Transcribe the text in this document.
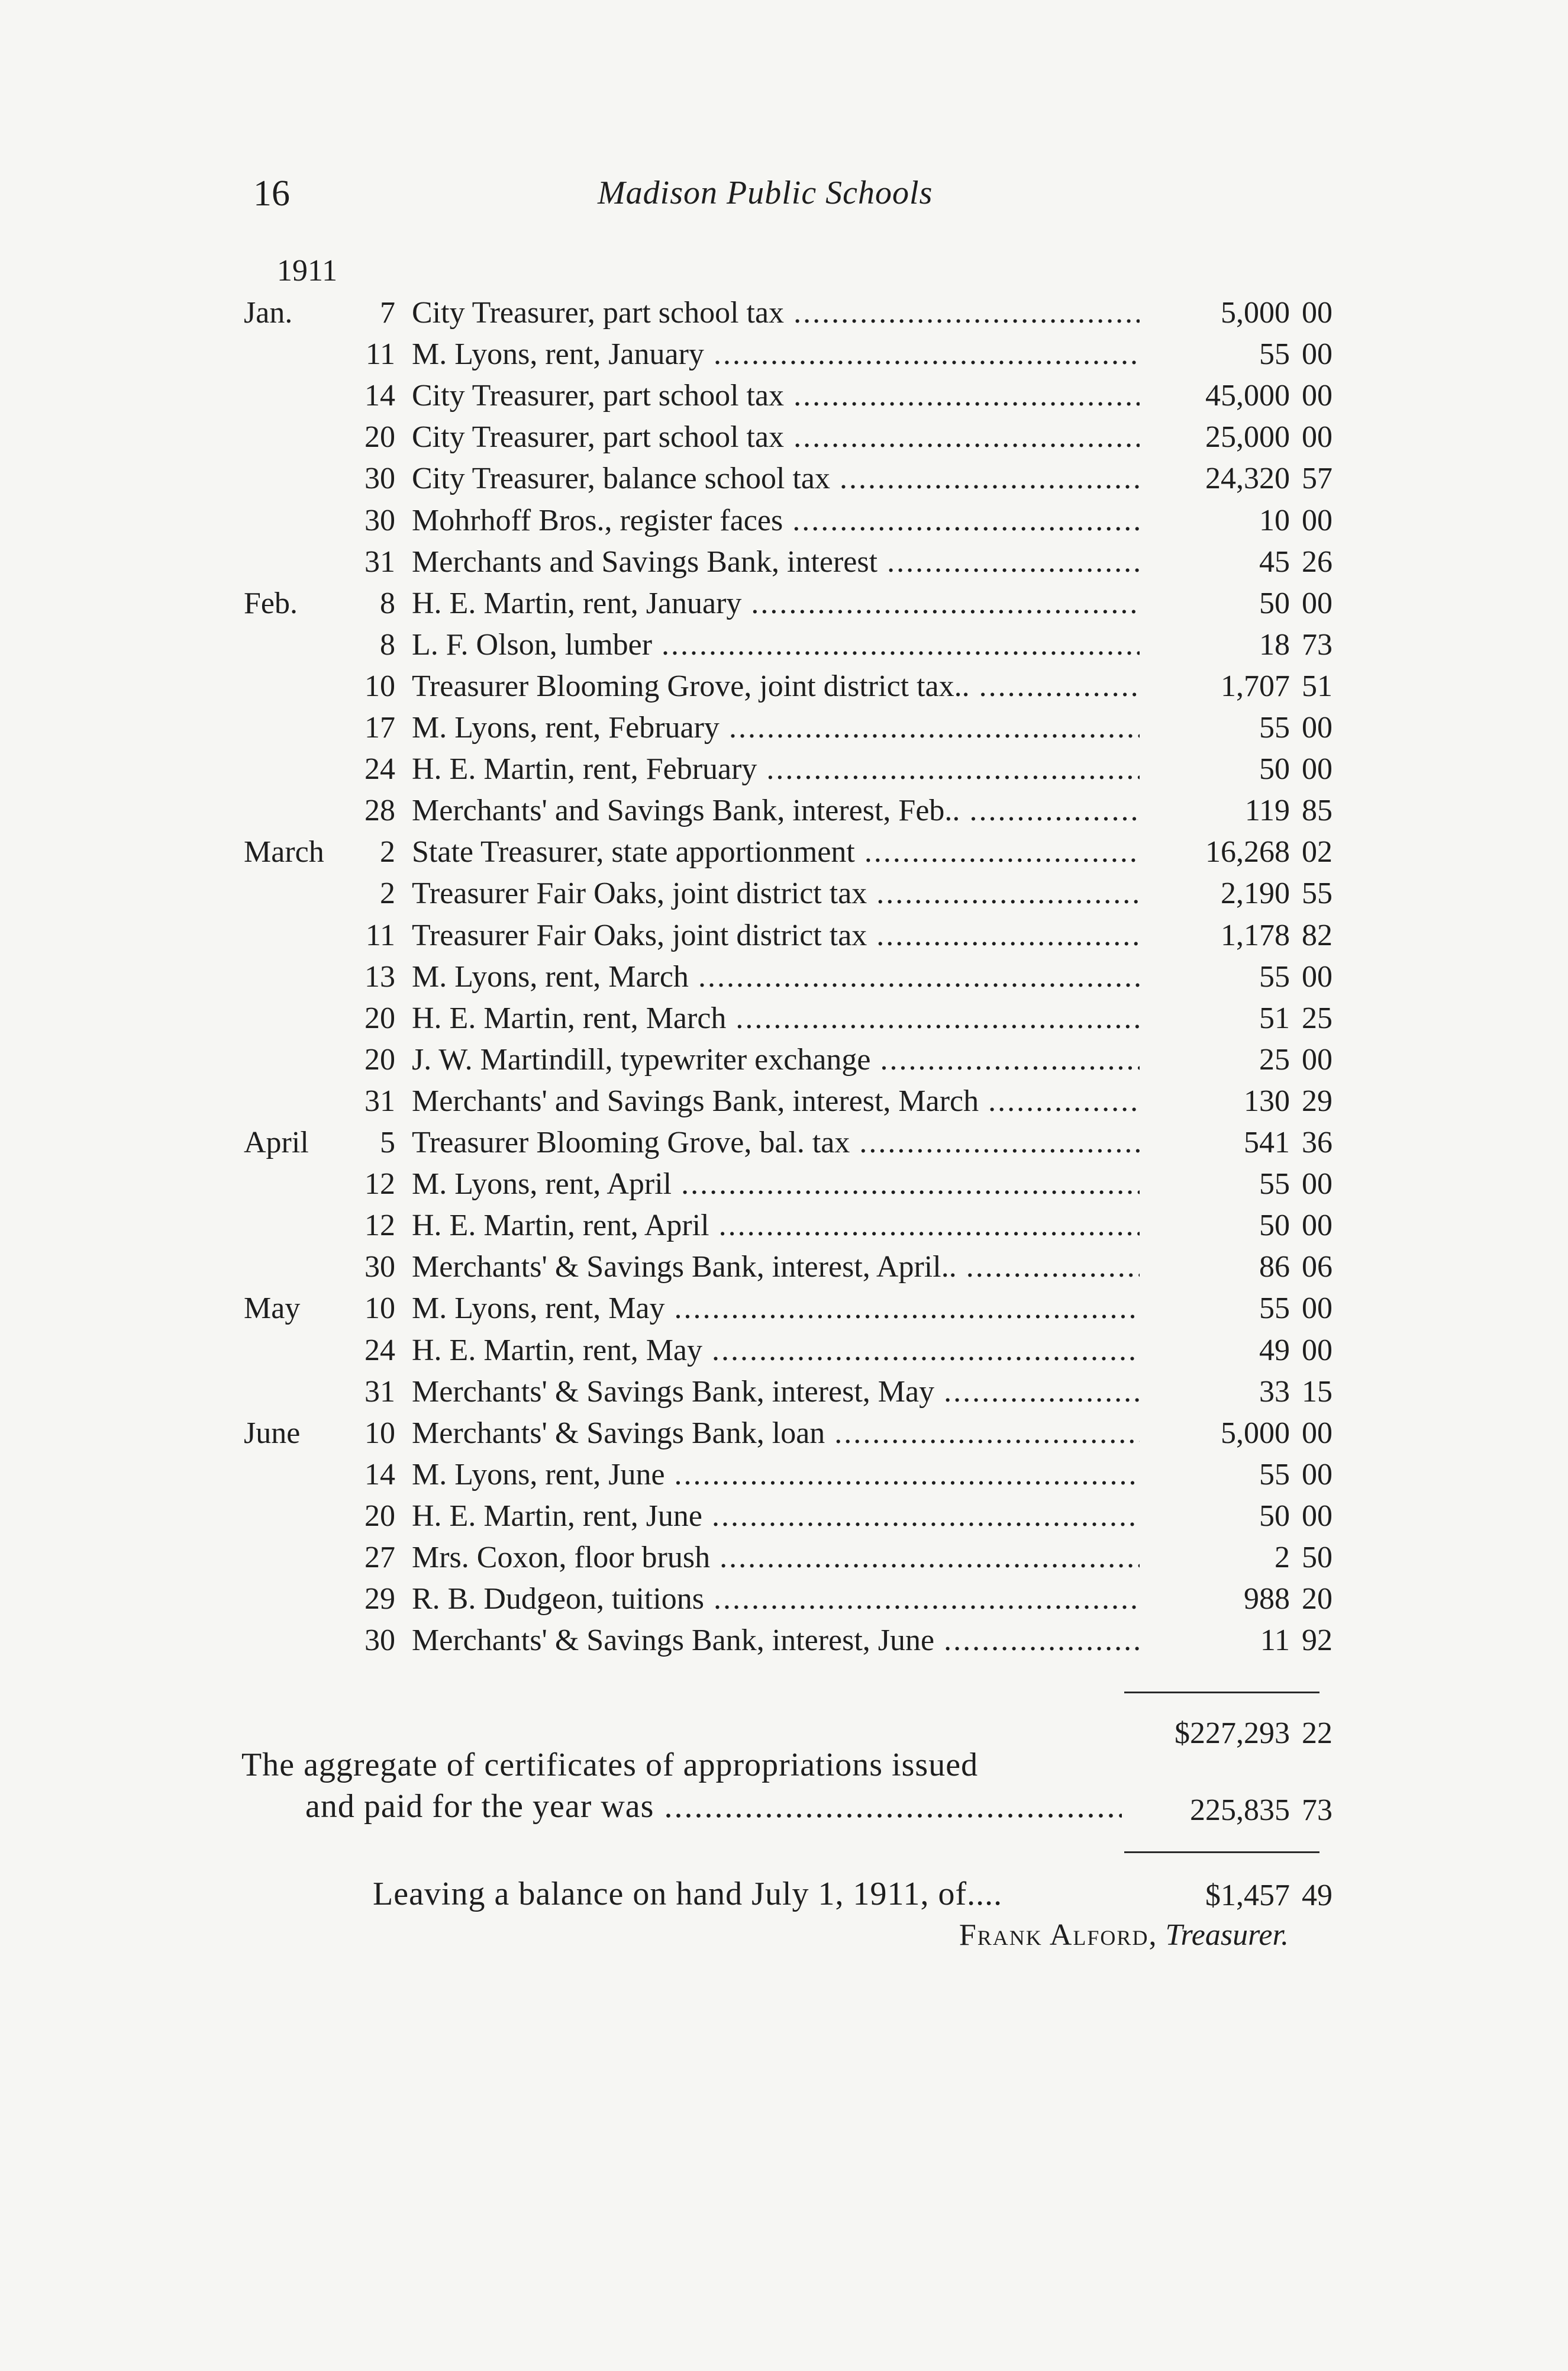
16	Madison Public Schools
1911
Jan.	7 City Treasurer, part school tax .....	5,000 00
11 M. Lyons, rent, January .....	55 00
14 City Treasurer, part school tax .....	45,000 00
20 City Treasurer, part school tax .....	25,000 00
30 City Treasurer, balance school tax .....	24,320 57
30 Mohrhoff Bros., register faces .....	10 00
31 Merchants and Savings Bank, interest .....	45 26
Feb.	8 H. E. Martin, rent, January .....	50 00
8 L. F. Olson, lumber .....	18 73
10 Treasurer Blooming Grove, joint district tax.. .....	1,707 51
17 M. Lyons, rent, February .....	55 00
24 H. E. Martin, rent, February .....	50 00
28 Merchants' and Savings Bank, interest, Feb.. .....	119 85
March 2 State Treasurer, state apportionment .....	16,268 02
2 Treasurer Fair Oaks, joint district tax .....	2,190 55
11 Treasurer Fair Oaks, joint district tax .....	1,178 82
13 M. Lyons, rent, March .....	55 00
20 H. E. Martin, rent, March .....	51 25
20 J. W. Martindill, typewriter exchange .....	25 00
31 Merchants' and Savings Bank, interest, March .....	130 29
April 5 Treasurer Blooming Grove, bal. tax .....	541 36
12 M. Lyons, rent, April .....	55 00
12 H. E. Martin, rent, April .....	50 00
30 Merchants' & Savings Bank, interest, April.. .....	86 06
May 10 M. Lyons, rent, May .....	55 00
24 H. E. Martin, rent, May .....	49 00
31 Merchants' & Savings Bank, interest, May .....	33 15
June 10 Merchants' & Savings Bank, loan .....	5,000 00
14 M. Lyons, rent, June .....	55 00
20 H. E. Martin, rent, June .....	50 00
27 Mrs. Coxon, floor brush .....	2 50
29 R. B. Dudgeon, tuitions .....	988 20
30 Merchants' & Savings Bank, interest, June .....	11 92
$227,293 22
The aggregate of certificates of appropriations issued
and paid for the year was .....	225,835 73
Leaving a balance on hand July 1, 1911, of....	$1,457 49
Frank Alford, Treasurer.
